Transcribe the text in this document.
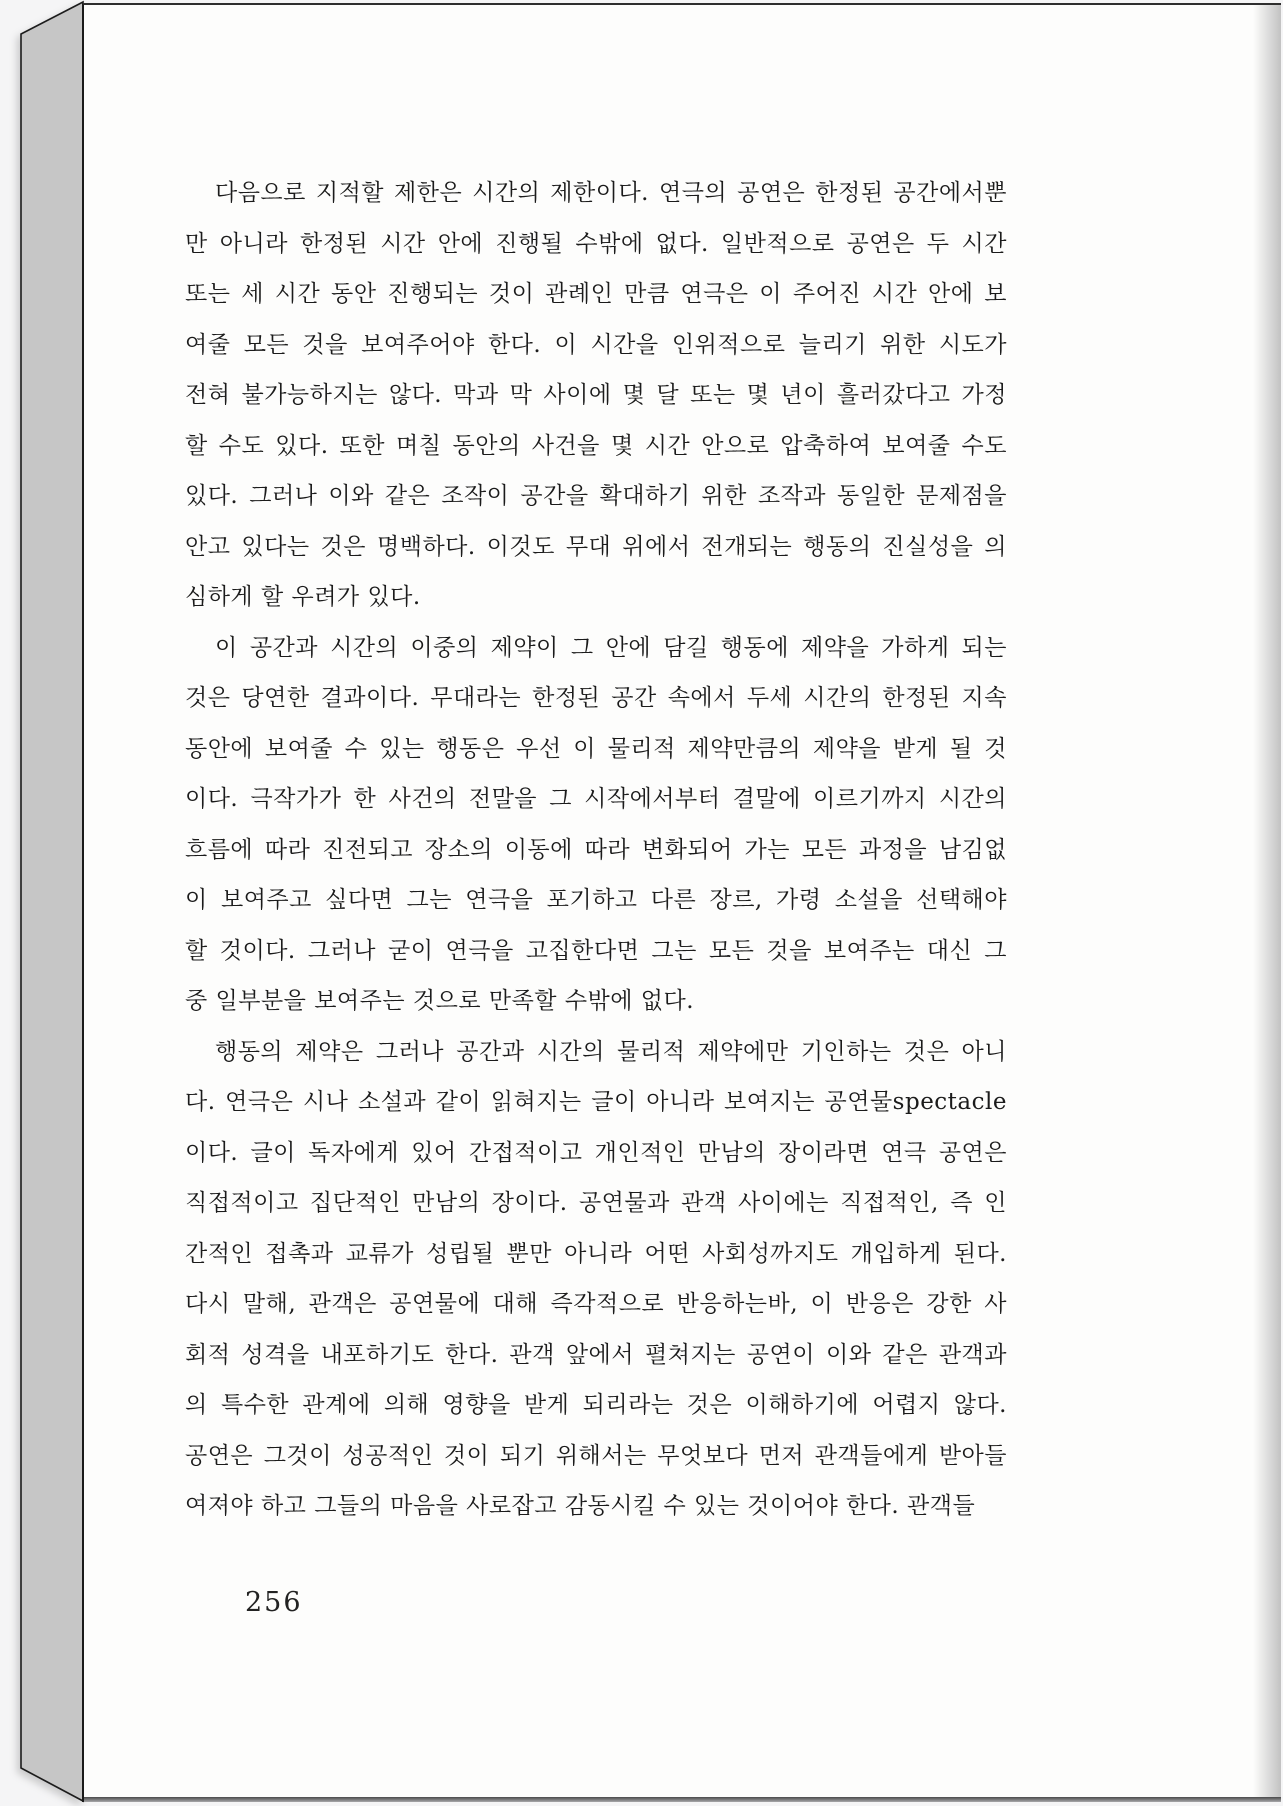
다음으로 지적할 제한은 시간의 제한이다. 연극의 공연은 한정된 공간에서뿐
만 아니라 한정된 시간 안에 진행될 수밖에 없다. 일반적으로 공연은 두 시간
또는 세 시간 동안 진행되는 것이 관례인 만큼 연극은 이 주어진 시간 안에 보
여줄 모든 것을 보여주어야 한다. 이 시간을 인위적으로 늘리기 위한 시도가
전혀 불가능하지는 않다. 막과 막 사이에 몇 달 또는 몇 년이 흘러갔다고 가정
할 수도 있다. 또한 며칠 동안의 사건을 몇 시간 안으로 압축하여 보여줄 수도
있다. 그러나 이와 같은 조작이 공간을 확대하기 위한 조작과 동일한 문제점을
안고 있다는 것은 명백하다. 이것도 무대 위에서 전개되는 행동의 진실성을 의
심하게 할 우려가 있다.
이 공간과 시간의 이중의 제약이 그 안에 담길 행동에 제약을 가하게 되는
것은 당연한 결과이다. 무대라는 한정된 공간 속에서 두세 시간의 한정된 지속
동안에 보여줄 수 있는 행동은 우선 이 물리적 제약만큼의 제약을 받게 될 것
이다. 극작가가 한 사건의 전말을 그 시작에서부터 결말에 이르기까지 시간의
흐름에 따라 진전되고 장소의 이동에 따라 변화되어 가는 모든 과정을 남김없
이 보여주고 싶다면 그는 연극을 포기하고 다른 장르, 가령 소설을 선택해야
할 것이다. 그러나 굳이 연극을 고집한다면 그는 모든 것을 보여주는 대신 그
중 일부분을 보여주는 것으로 만족할 수밖에 없다.
행동의 제약은 그러나 공간과 시간의 물리적 제약에만 기인하는 것은 아니
다. 연극은 시나 소설과 같이 읽혀지는 글이 아니라 보여지는 공연물spectacle
이다. 글이 독자에게 있어 간접적이고 개인적인 만남의 장이라면 연극 공연은
직접적이고 집단적인 만남의 장이다. 공연물과 관객 사이에는 직접적인, 즉 인
간적인 접촉과 교류가 성립될 뿐만 아니라 어떤 사회성까지도 개입하게 된다.
다시 말해, 관객은 공연물에 대해 즉각적으로 반응하는바, 이 반응은 강한 사
회적 성격을 내포하기도 한다. 관객 앞에서 펼쳐지는 공연이 이와 같은 관객과
의 특수한 관계에 의해 영향을 받게 되리라는 것은 이해하기에 어렵지 않다.
공연은 그것이 성공적인 것이 되기 위해서는 무엇보다 먼저 관객들에게 받아들
여져야 하고 그들의 마음을 사로잡고 감동시킬 수 있는 것이어야 한다. 관객들
256
